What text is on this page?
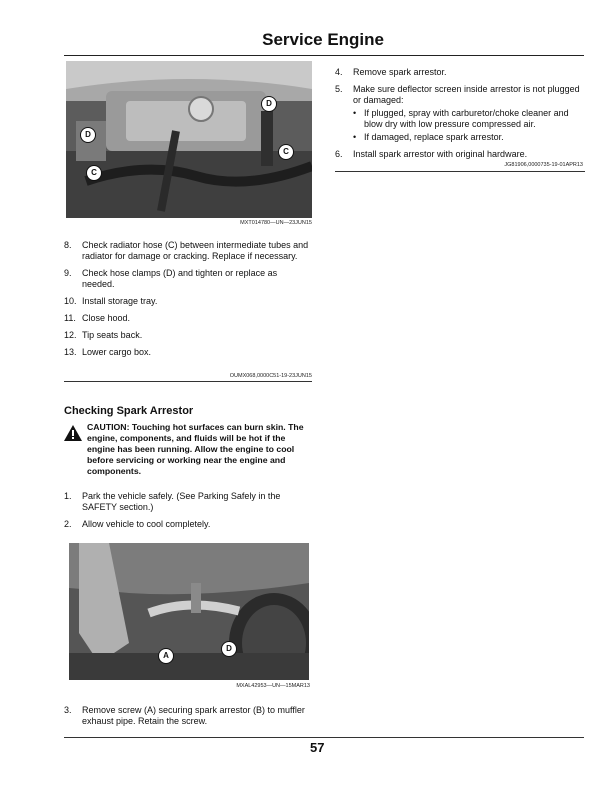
Service Engine
D
D
C
C
MXT014780—UN—23JUN15
8. Check radiator hose (C) between intermediate tubes and radiator for damage or cracking. Replace if necessary.
9. Check hose clamps (D) and tighten or replace as needed.
10. Install storage tray.
11. Close hood.
12. Tip seats back.
13. Lower cargo box.
OUMX068,0000C51-19-23JUN15
Checking Spark Arrestor
CAUTION: Touching hot surfaces can burn skin. The engine, components, and fluids will be hot if the engine has been running. Allow the engine to cool before servicing or working near the engine and components.
1. Park the vehicle safely. (See Parking Safely in the SAFETY section.)
2. Allow vehicle to cool completely.
A
D
MXAL42953—UN—15MAR13
3. Remove screw (A) securing spark arrestor (B) to muffler exhaust pipe. Retain the screw.
4. Remove spark arrestor.
5. Make sure deflector screen inside arrestor is not plugged or damaged:
• If plugged, spray with carburetor/choke cleaner and blow dry with low pressure compressed air.
• If damaged, replace spark arrestor.
6. Install spark arrestor with original hardware.
JG81906,0000735-19-01APR13
57
